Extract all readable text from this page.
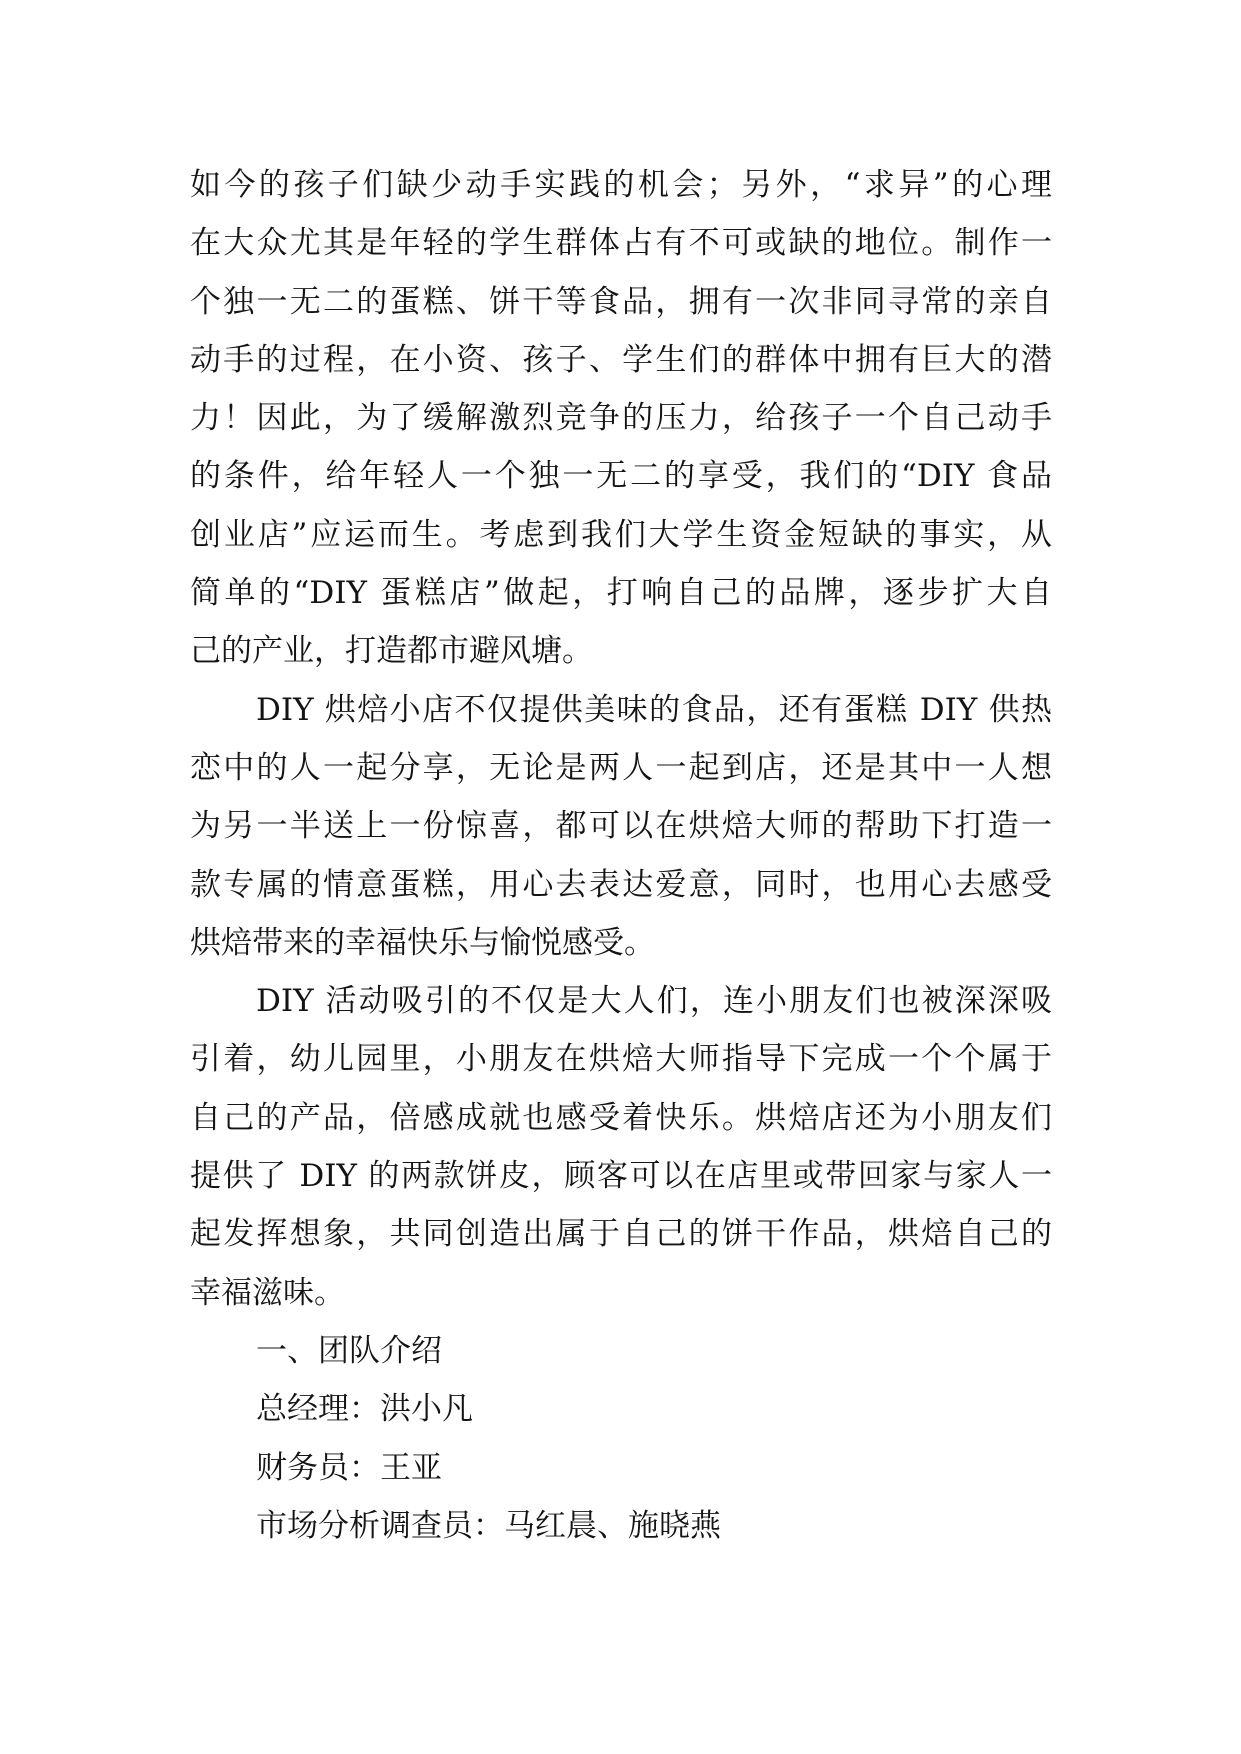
如今的孩子们缺少动手实践的机会；另外，“求异”的心理
在大众尤其是年轻的学生群体占有不可或缺的地位。制作一
个独一无二的蛋糕、饼干等食品，拥有一次非同寻常的亲自
动手的过程，在小资、孩子、学生们的群体中拥有巨大的潜
力！因此，为了缓解激烈竞争的压力，给孩子一个自己动手
的条件，给年轻人一个独一无二的享受，我们的“DIY 食品
创业店”应运而生。考虑到我们大学生资金短缺的事实，从
简单的“DIY 蛋糕店”做起，打响自己的品牌，逐步扩大自
己的产业，打造都市避风塘。
DIY 烘焙小店不仅提供美味的食品，还有蛋糕 DIY 供热
恋中的人一起分享，无论是两人一起到店，还是其中一人想
为另一半送上一份惊喜，都可以在烘焙大师的帮助下打造一
款专属的情意蛋糕，用心去表达爱意，同时，也用心去感受
烘焙带来的幸福快乐与愉悦感受。
DIY 活动吸引的不仅是大人们，连小朋友们也被深深吸
引着，幼儿园里，小朋友在烘焙大师指导下完成一个个属于
自己的产品，倍感成就也感受着快乐。烘焙店还为小朋友们
提供了 DIY 的两款饼皮，顾客可以在店里或带回家与家人一
起发挥想象，共同创造出属于自己的饼干作品，烘焙自己的
幸福滋味。
一、团队介绍
总经理：洪小凡
财务员：王亚
市场分析调查员：马红晨、施晓燕
